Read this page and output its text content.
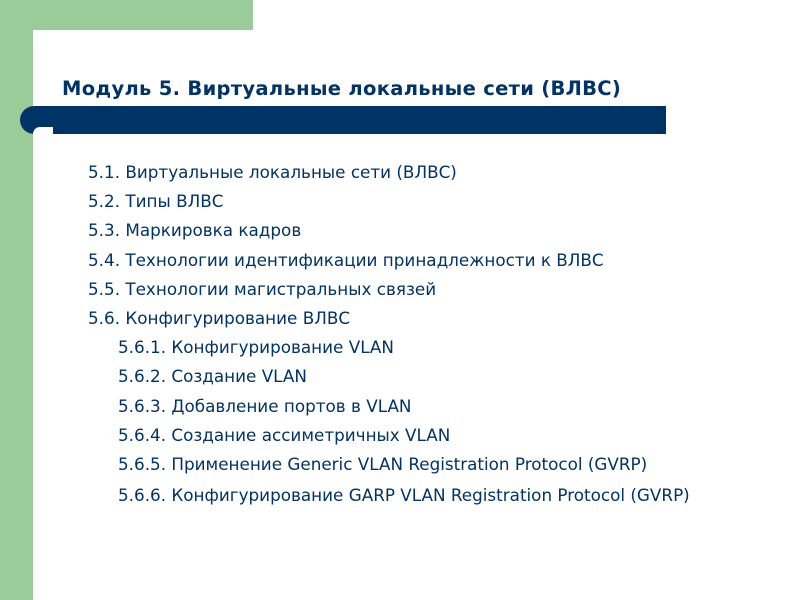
Модуль 5. Виртуальные локальные сети (ВЛВС)
5.1. Виртуальные локальные сети (ВЛВС)
5.2. Типы ВЛВС
5.3. Маркировка кадров
5.4. Технологии идентификации принадлежности к ВЛВС
5.5. Технологии магистральных связей
5.6. Конфигурирование ВЛВС
5.6.1. Конфигурирование VLAN
5.6.2. Создание VLAN
5.6.3. Добавление портов в VLAN
5.6.4. Создание ассиметричных VLAN
5.6.5. Применение Generic VLAN Registration Protocol (GVRP)
5.6.6. Конфигурирование GARP VLAN Registration Protocol (GVRP)
